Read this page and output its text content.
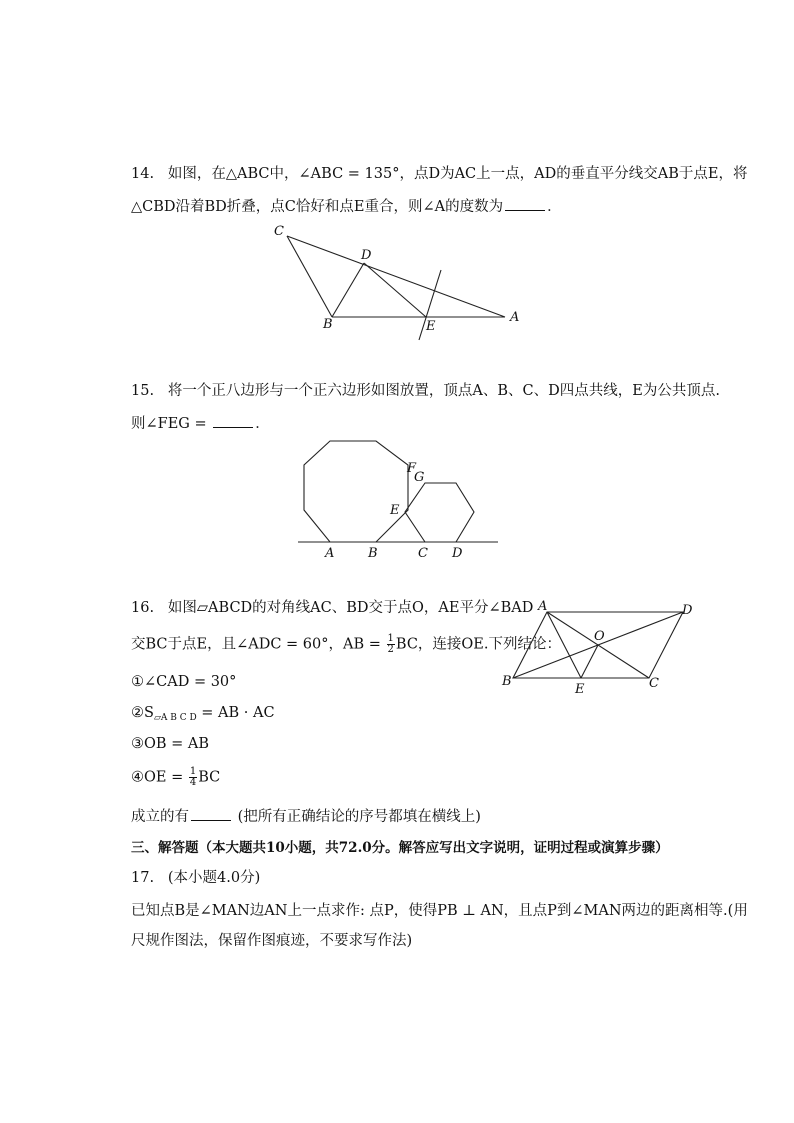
14. 如图，在△ABC中，∠ABC = 135°，点D为AC上一点，AD的垂直平分线交AB于点E，将
△CBD沿着BD折叠，点C恰好和点E重合，则∠A的度数为	．
C
D
B	E
A
15. 将一个正八边形与一个正六边形如图放置，顶点A、B、C、D四点共线，E为公共顶点.
则∠FEG =	．
F
G
E
A	B	C D
16. 如图▱ABCD的对角线AC、BD交于点O，AE平分∠BAD
交BC于点E，且∠ADC = 60°，AB = $\frac{1}{2}$ BC，连接OE.下列结论：
①∠CAD = 30°
$②S_{▱A B C D}$ = AB · AC
③OB = AB
④OE = $\frac{1}{4}$ BC
成立的有	(把所有正确结论的序号都填在横线上)
A	D
O
B
E	C
三、解答题（本大题共10小题，共72.0分。解答应写出文字说明，证明过程或演算步骤）
17. (本小题4.0分)
已知点B是∠MAN边AN上一点求作: 点P，使得PB ⊥ AN，且点P到∠MAN两边的距离相等.(用
尺规作图法，保留作图痕迹，不要求写作法)
